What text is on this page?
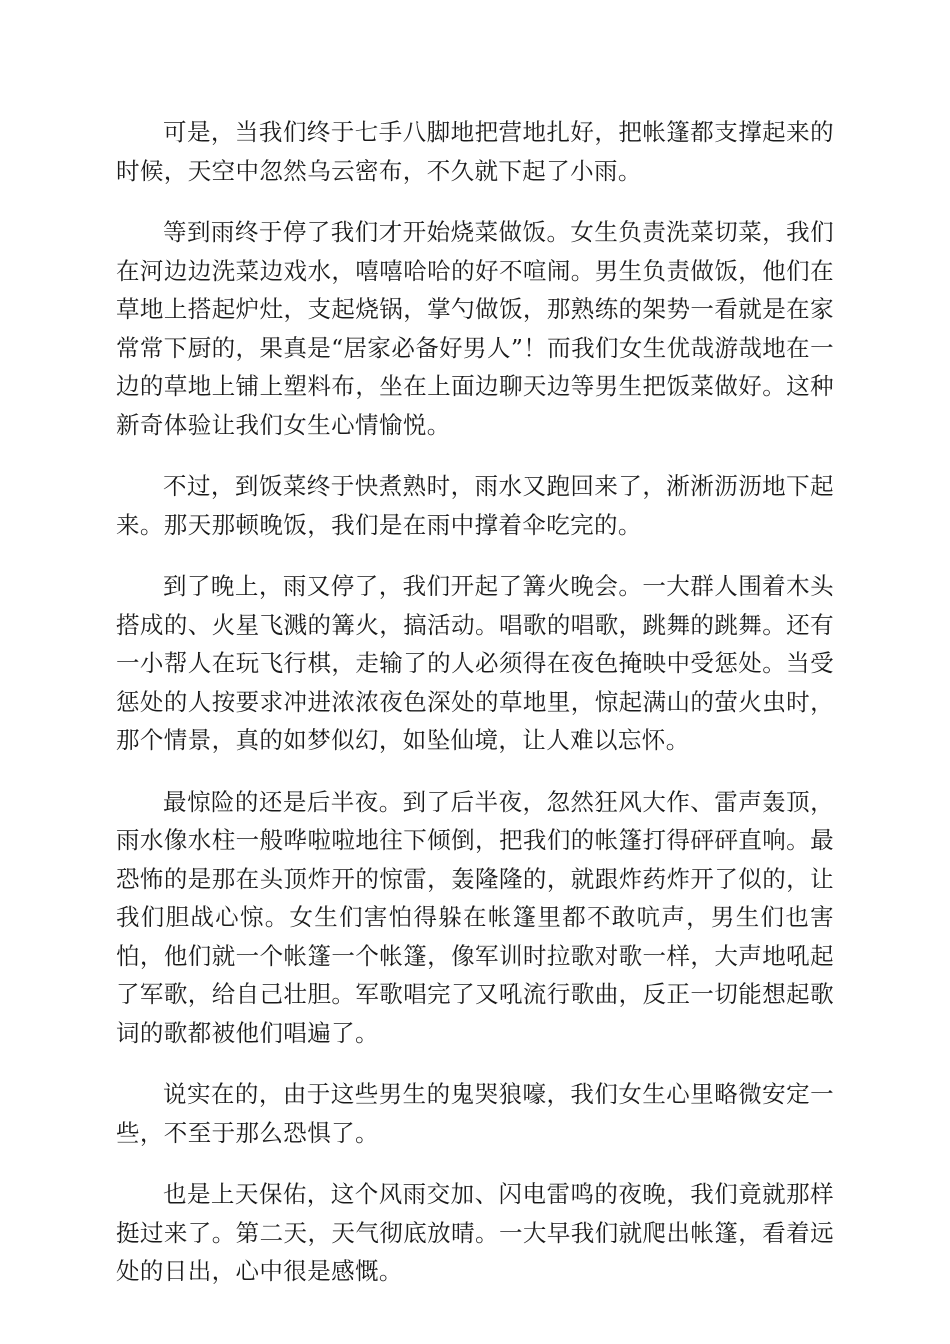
可是，当我们终于七手八脚地把营地扎好，把帐篷都支撑起来的时候，天空中忽然乌云密布，不久就下起了小雨。

等到雨终于停了我们才开始烧菜做饭。女生负责洗菜切菜，我们在河边边洗菜边戏水，嘻嘻哈哈的好不喧闹。男生负责做饭，他们在草地上搭起炉灶，支起烧锅，掌勺做饭，那熟练的架势一看就是在家常常下厨的，果真是“居家必备好男人”！而我们女生优哉游哉地在一边的草地上铺上塑料布，坐在上面边聊天边等男生把饭菜做好。这种新奇体验让我们女生心情愉悦。

不过，到饭菜终于快煮熟时，雨水又跑回来了，淅淅沥沥地下起来。那天那顿晚饭，我们是在雨中撑着伞吃完的。

到了晚上，雨又停了，我们开起了篝火晚会。一大群人围着木头搭成的、火星飞溅的篝火，搞活动。唱歌的唱歌，跳舞的跳舞。还有一小帮人在玩飞行棋，走输了的人必须得在夜色掩映中受惩处。当受惩处的人按要求冲进浓浓夜色深处的草地里，惊起满山的萤火虫时，那个情景，真的如梦似幻，如坠仙境，让人难以忘怀。

最惊险的还是后半夜。到了后半夜，忽然狂风大作、雷声轰顶，雨水像水柱一般哗啦啦地往下倾倒，把我们的帐篷打得砰砰直响。最恐怖的是那在头顶炸开的惊雷，轰隆隆的，就跟炸药炸开了似的，让我们胆战心惊。女生们害怕得躲在帐篷里都不敢吭声，男生们也害怕，他们就一个帐篷一个帐篷，像军训时拉歌对歌一样，大声地吼起了军歌，给自己壮胆。军歌唱完了又吼流行歌曲，反正一切能想起歌词的歌都被他们唱遍了。

说实在的，由于这些男生的鬼哭狼嚎，我们女生心里略微安定一些，不至于那么恐惧了。

也是上天保佑，这个风雨交加、闪电雷鸣的夜晚，我们竟就那样挺过来了。第二天，天气彻底放晴。一大早我们就爬出帐篷，看着远处的日出，心中很是感慨。
